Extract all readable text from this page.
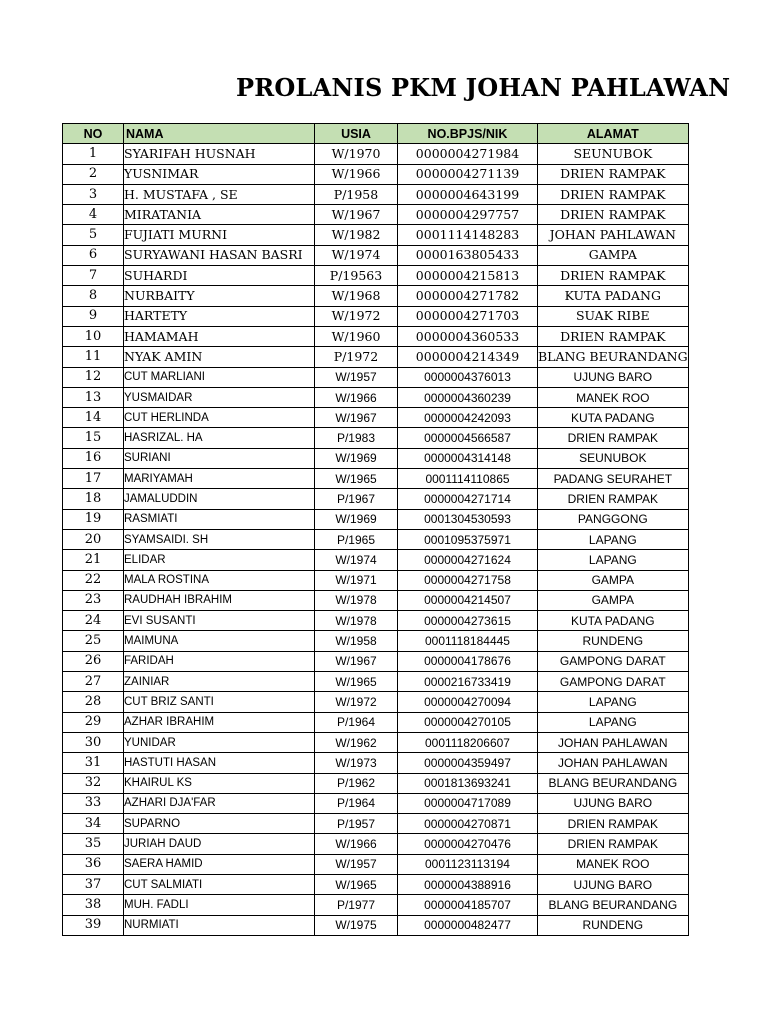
PROLANIS PKM JOHAN PAHLAWAN
NO	NAMA	USIA	NO.BPJS/NIK	ALAMAT
1	SYARIFAH HUSNAH	W/1970	0000004271984	SEUNUBOK
2	YUSNIMAR	W/1966	0000004271139	DRIEN RAMPAK
3	H. MUSTAFA , SE	P/1958	0000004643199	DRIEN RAMPAK
4	MIRATANIA	W/1967	0000004297757	DRIEN RAMPAK
5	FUJIATI MURNI	W/1982	0001114148283	JOHAN PAHLAWAN
6	SURYAWANI HASAN BASRI	W/1974	0000163805433	GAMPA
7	SUHARDI	P/19563	0000004215813	DRIEN RAMPAK
8	NURBAITY	W/1968	0000004271782	KUTA PADANG
9	HARTETY	W/1972	0000004271703	SUAK RIBE
10	HAMAMAH	W/1960	0000004360533	DRIEN RAMPAK
11	NYAK AMIN	P/1972	0000004214349	BLANG BEURANDANG
12	CUT MARLIANI	W/1957	0000004376013	UJUNG BARO
13	YUSMAIDAR	W/1966	0000004360239	MANEK ROO
14	CUT HERLINDA	W/1967	0000004242093	KUTA PADANG
15	HASRIZAL. HA	P/1983	0000004566587	DRIEN RAMPAK
16	SURIANI	W/1969	0000004314148	SEUNUBOK
17	MARIYAMAH	W/1965	0001114110865	PADANG SEURAHET
18	JAMALUDDIN	P/1967	0000004271714	DRIEN RAMPAK
19	RASMIATI	W/1969	0001304530593	PANGGONG
20	SYAMSAIDI. SH	P/1965	0001095375971	LAPANG
21	ELIDAR	W/1974	0000004271624	LAPANG
22	MALA ROSTINA	W/1971	0000004271758	GAMPA
23	RAUDHAH IBRAHIM	W/1978	0000004214507	GAMPA
24	EVI SUSANTI	W/1978	0000004273615	KUTA PADANG
25	MAIMUNA	W/1958	0001118184445	RUNDENG
26	FARIDAH	W/1967	0000004178676	GAMPONG DARAT
27	ZAINIAR	W/1965	0000216733419	GAMPONG DARAT
28	CUT BRIZ SANTI	W/1972	0000004270094	LAPANG
29	AZHAR IBRAHIM	P/1964	0000004270105	LAPANG
30	YUNIDAR	W/1962	0001118206607	JOHAN PAHLAWAN
31	HASTUTI HASAN	W/1973	0000004359497	JOHAN PAHLAWAN
32	KHAIRUL KS	P/1962	0001813693241	BLANG BEURANDANG
33	AZHARI DJA'FAR	P/1964	0000004717089	UJUNG BARO
34	SUPARNO	P/1957	0000004270871	DRIEN RAMPAK
35	JURIAH DAUD	W/1966	0000004270476	DRIEN RAMPAK
36	SAERA HAMID	W/1957	0001123113194	MANEK ROO
37	CUT SALMIATI	W/1965	0000004388916	UJUNG BARO
38	MUH. FADLI	P/1977	0000004185707	BLANG BEURANDANG
39	NURMIATI	W/1975	0000000482477	RUNDENG
